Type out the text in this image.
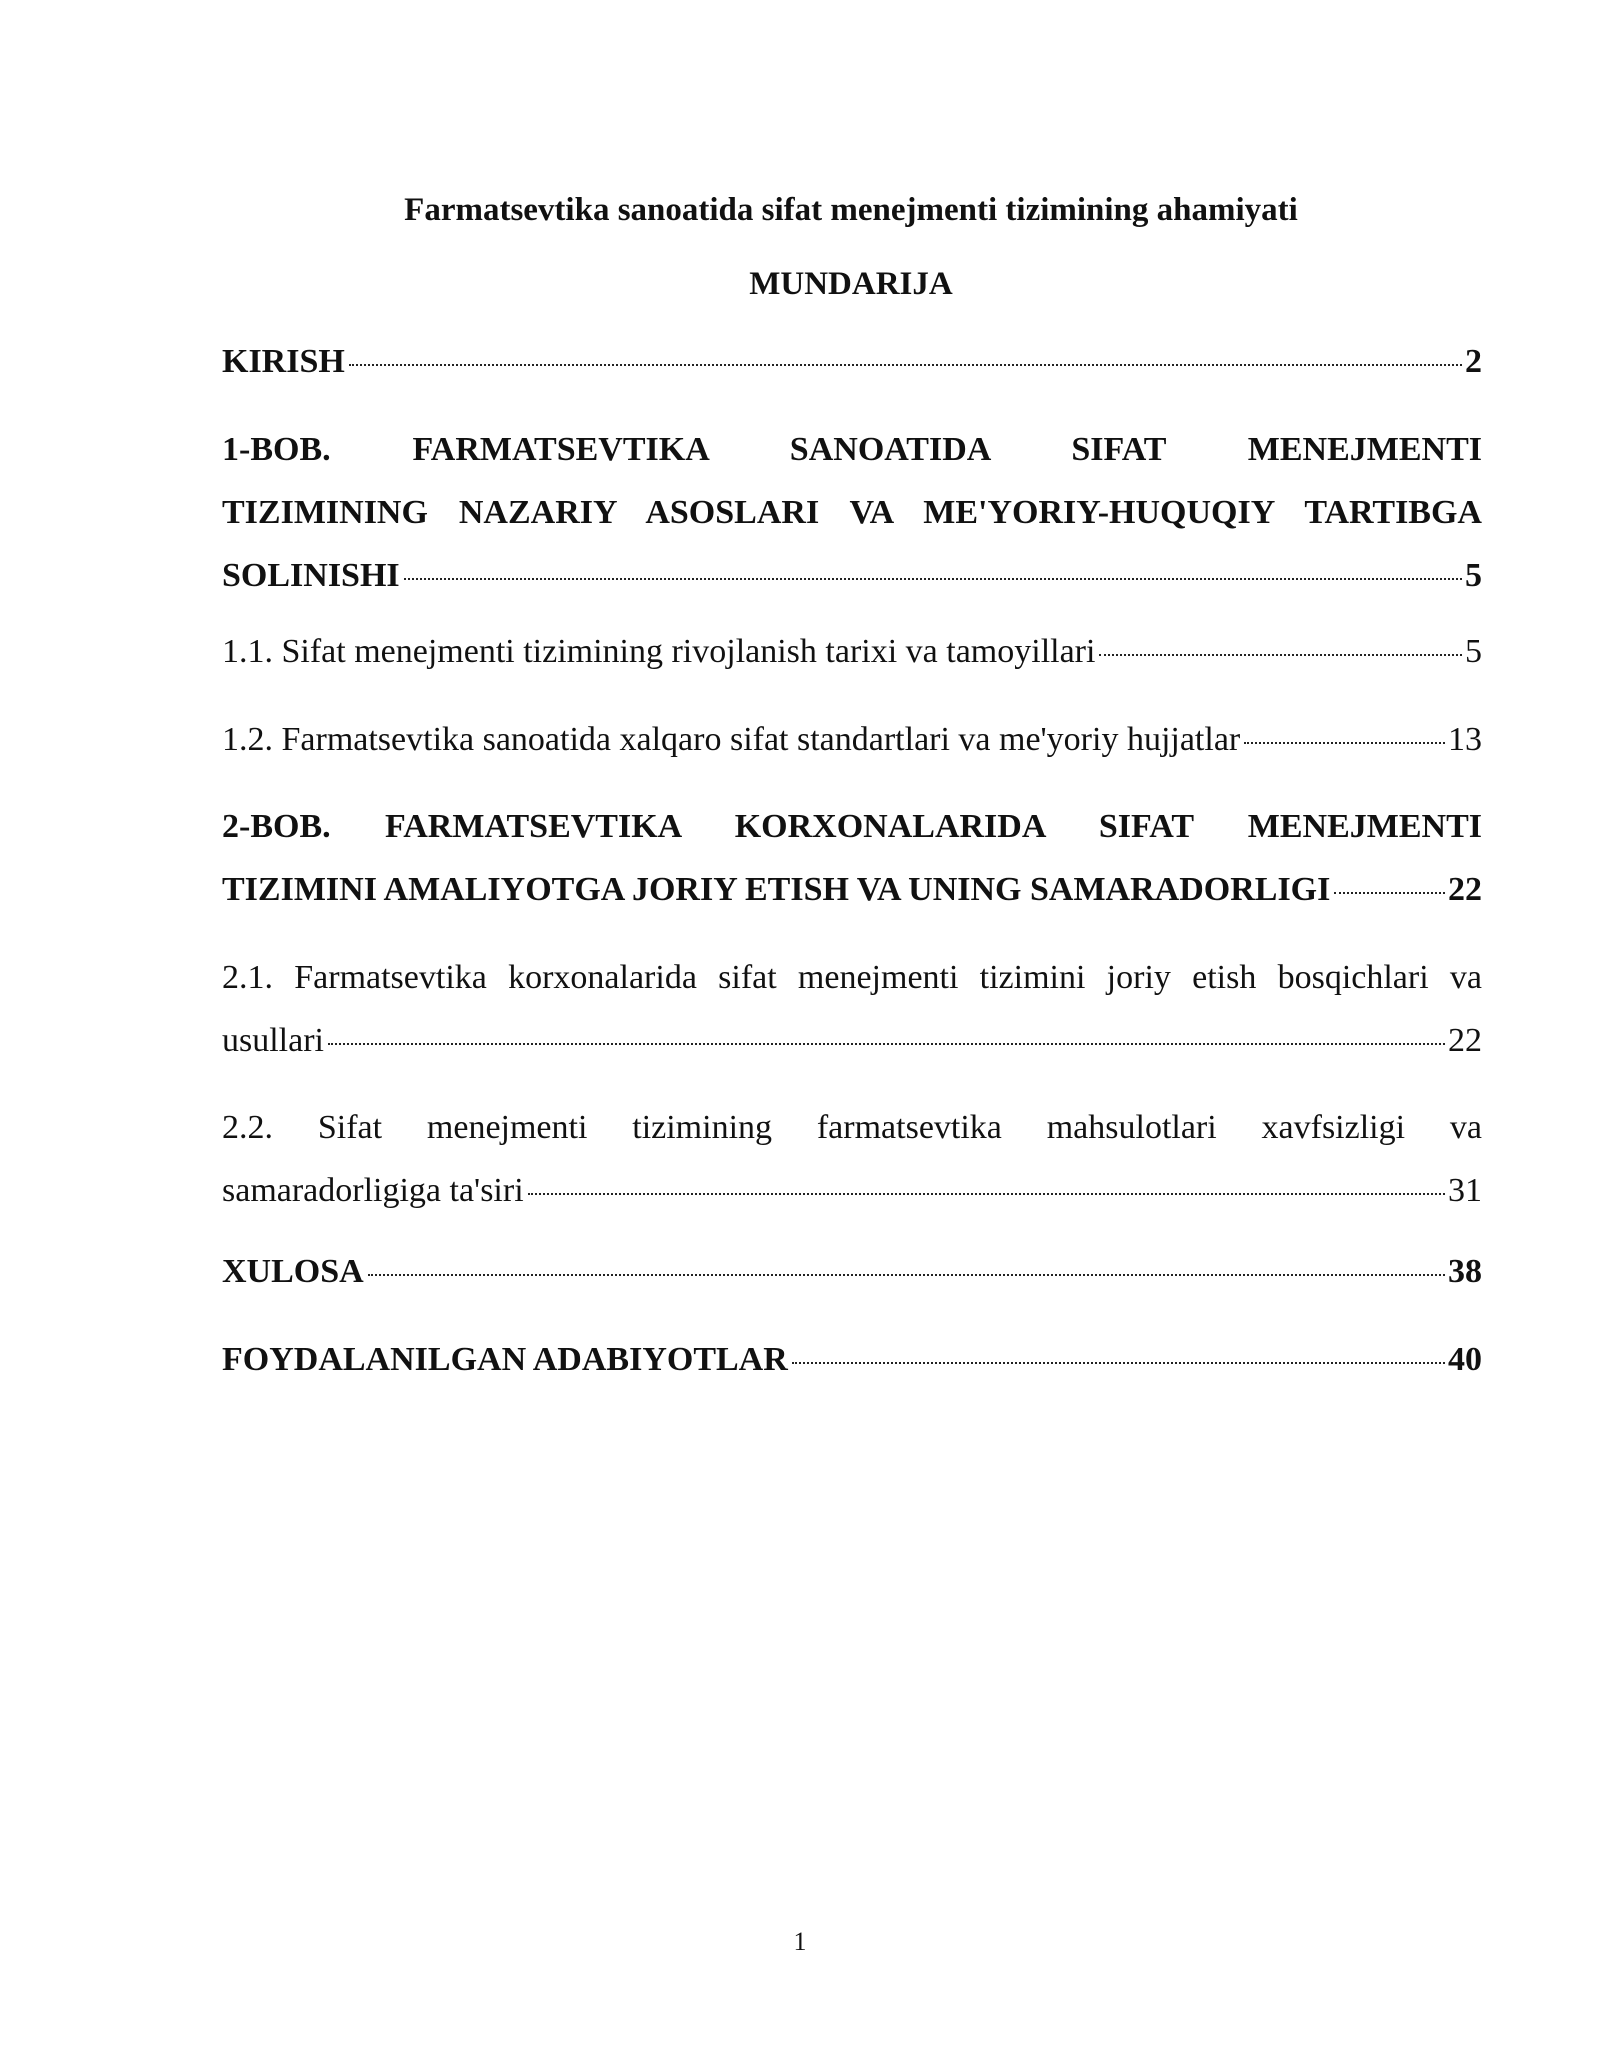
Farmatsevtika sanoatida sifat menejmenti tizimining ahamiyati
MUNDARIJA
KIRISH	2
1-BOB. FARMATSEVTIKA SANOATIDA SIFAT MENEJMENTI
TIZIMINING NAZARIY ASOSLARI VA ME'YORIY-HUQUQIY TARTIBGA
SOLINISHI	5
1.1. Sifat menejmenti tizimining rivojlanish tarixi va tamoyillari	5
1.2. Farmatsevtika sanoatida xalqaro sifat standartlari va me'yoriy hujjatlar	13
2-BOB. FARMATSEVTIKA KORXONALARIDA SIFAT MENEJMENTI
TIZIMINI AMALIYOTGA JORIY ETISH VA UNING SAMARADORLIGI	22
2.1. Farmatsevtika korxonalarida sifat menejmenti tizimini joriy etish bosqichlari va
usullari	22
2.2. Sifat menejmenti tizimining farmatsevtika mahsulotlari xavfsizligi va
samaradorligiga ta'siri	31
XULOSA	38
FOYDALANILGAN ADABIYOTLAR	40
1
